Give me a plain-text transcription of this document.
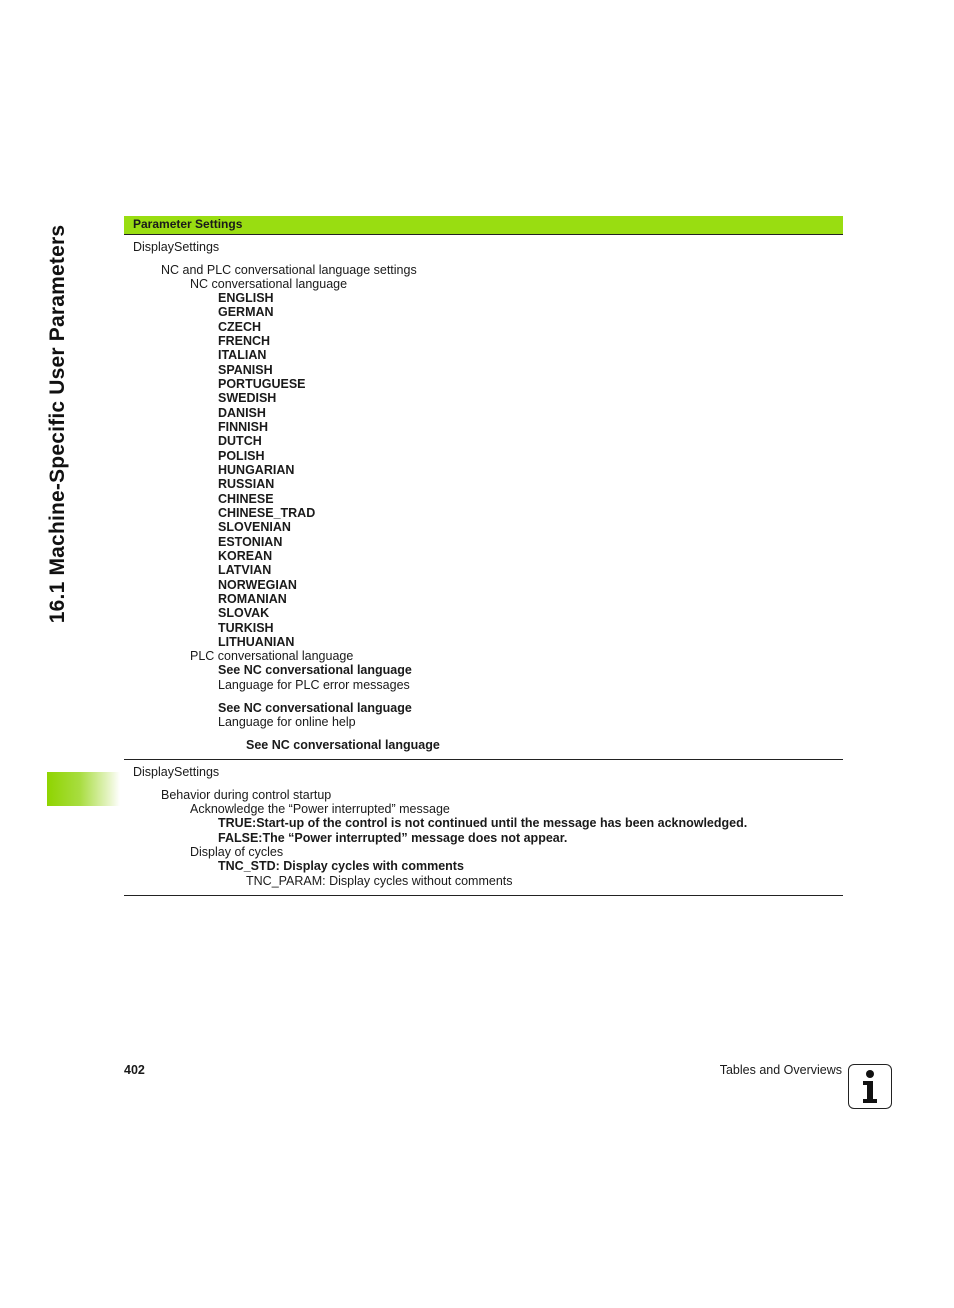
16.1 Machine-Specific User Parameters
Parameter Settings
DisplaySettings
NC and PLC conversational language settings
NC conversational language
ENGLISH
GERMAN
CZECH
FRENCH
ITALIAN
SPANISH
PORTUGUESE
SWEDISH
DANISH
FINNISH
DUTCH
POLISH
HUNGARIAN
RUSSIAN
CHINESE
CHINESE_TRAD
SLOVENIAN
ESTONIAN
KOREAN
LATVIAN
NORWEGIAN
ROMANIAN
SLOVAK
TURKISH
LITHUANIAN
PLC conversational language
See NC conversational language
Language for PLC error messages
See NC conversational language
Language for online help
See NC conversational language
DisplaySettings
Behavior during control startup
Acknowledge the “Power interrupted” message
TRUE:Start-up of the control is not continued until the message has been acknowledged.
FALSE:The “Power interrupted” message does not appear.
Display of cycles
TNC_STD: Display cycles with comments
TNC_PARAM: Display cycles without comments
402	Tables and Overviews
